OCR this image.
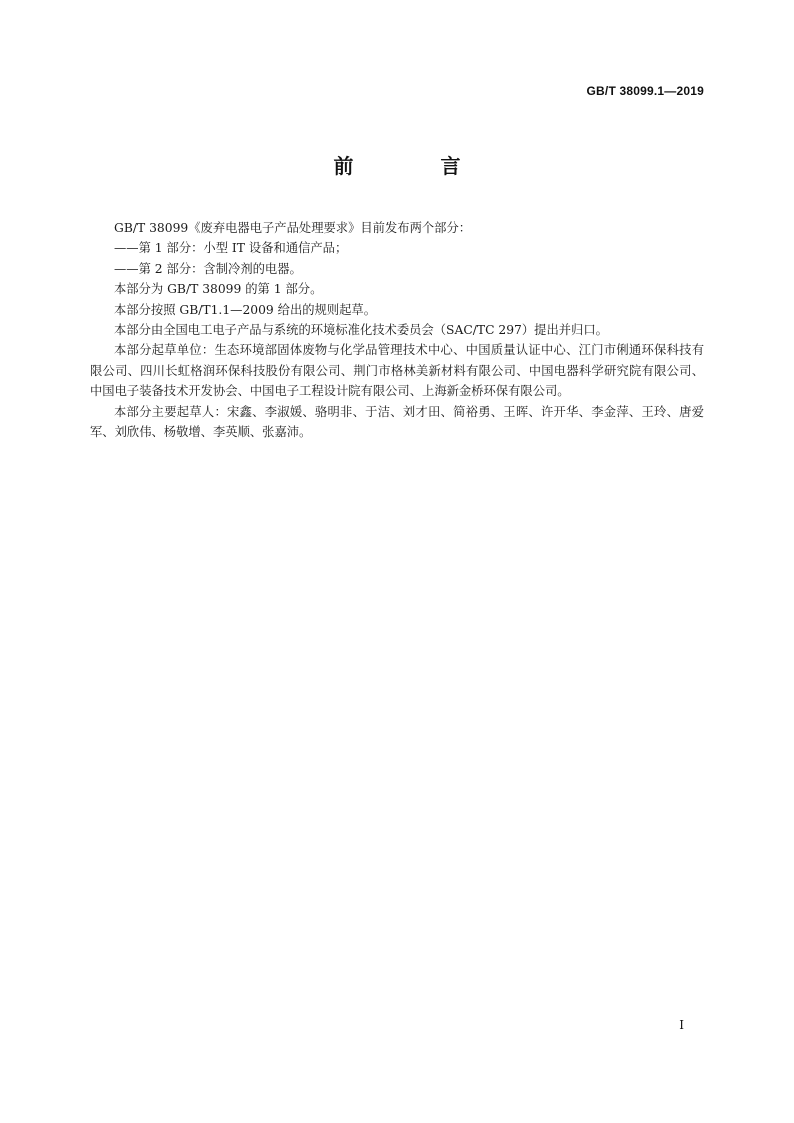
GB/T 38099.1—2019
前 言

GB/T 38099《废弃电器电子产品处理要求》目前发布两个部分：

——第 1 部分：小型 IT 设备和通信产品；

——第 2 部分：含制冷剂的电器。

本部分为 GB/T 38099 的第 1 部分。

本部分按照 GB/T1.1—2009 给出的规则起草。

本部分由全国电工电子产品与系统的环境标准化技术委员会（SAC/TC 297）提出并归口。

本部分起草单位：生态环境部固体废物与化学品管理技术中心、中国质量认证中心、江门市俐通环保科技有限公司、四川长虹格润环保科技股份有限公司、荆门市格林美新材料有限公司、中国电器科学研究院有限公司、中国电子装备技术开发协会、中国电子工程设计院有限公司、上海新金桥环保有限公司。

本部分主要起草人：宋鑫、李淑媛、骆明非、于洁、刘才田、简裕勇、王晖、许开华、李金萍、王玲、唐爱军、刘欣伟、杨敬增、李英顺、张嘉沛。

I
